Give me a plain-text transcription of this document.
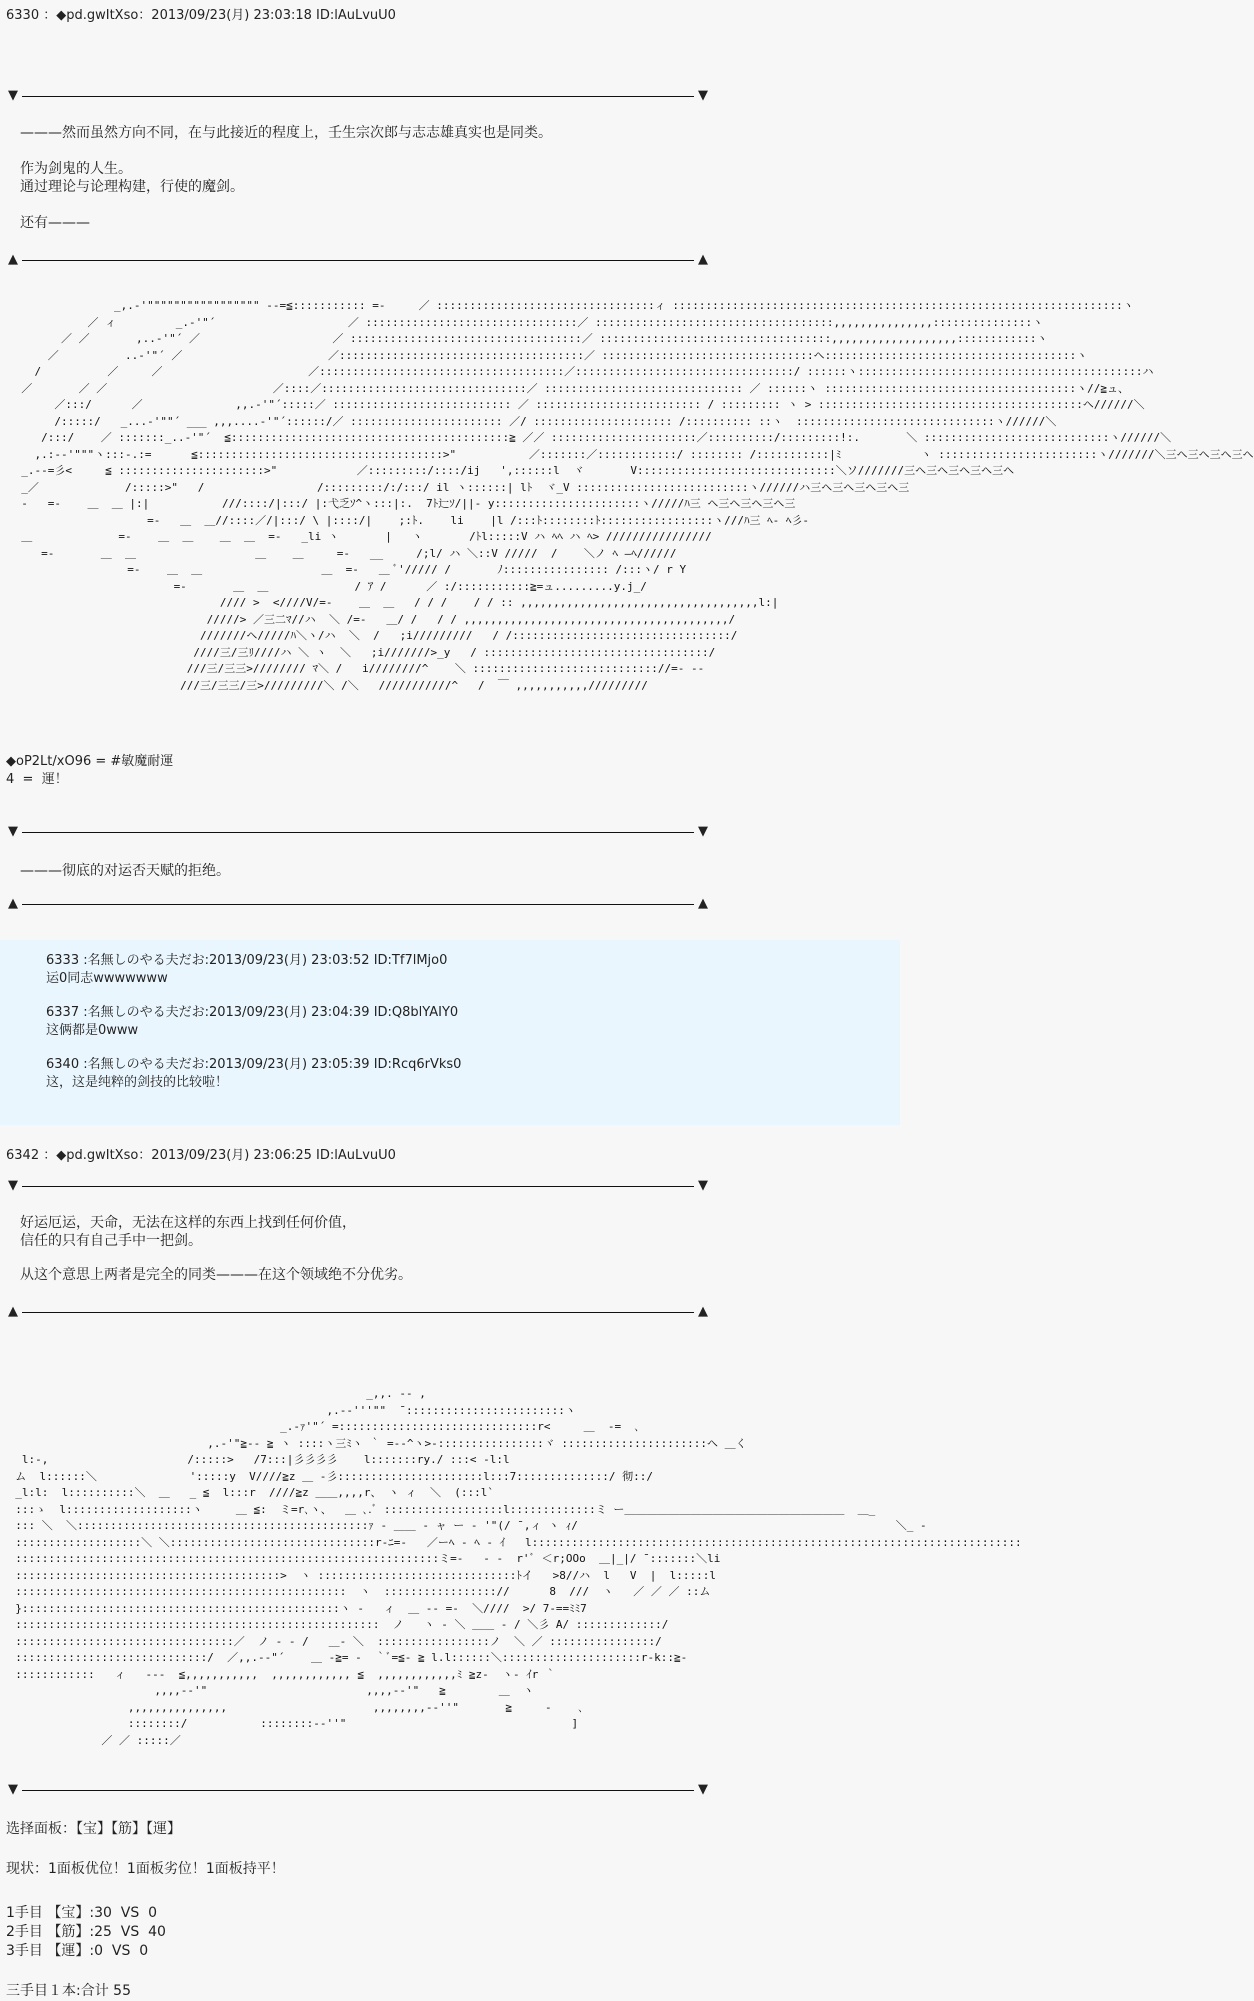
6330 ：◆pd.gwItXso：2013/09/23(月) 23:03:18 ID:lAuLvuU0
▼	▼
———然而虽然方向不同，在与此接近的程度上，壬生宗次郎与志志雄真实也是同类。
作为剑鬼的人生。
通过理论与论理构建，行使的魔剑。
还有———
▲	▲
_,.-'""""""""""""""""" ‐-=≦::::::::::: =-     ／ :::::::::::::::::::::::::::::::::ィ ::::::::::::::::::::::::::::::::::::::::::::::::::::::::::::::::::::ヽ
／ ィ         _.-'"´                    ／ ::::::::::::::::::::::::::::::::／ ::::::::::::::::::::::::::::::::::::,,,,,,,,,,,,,,,:::::::::::::::ヽ
／ ／       ,..-'"´ ／                    ／ :::::::::::::::::::::::::::::::::::／ :::::::::::::::::::::::::::::::::::,,,,,,,,,,,,,,,,,,,::::::::::::ヽ
／          ..-'"´ ／                      ／:::::::::::::::::::::::::::::::::::::／ ::::::::::::::::::::::::::::::::ヘ::::::::::::::::::::::::::::::::::::::ヽ
/          ／     ／                      ／:::::::::::::::::::::::::::::::::::::／:::::::::::::::::::::::::::::::::/ ::::::ヽ:::::::::::::::::::::::::::::::::::::::::::ハ
／       ／ ／                         ／::::／:::::::::::::::::::::::::::::::／ :::::::::::::::::::::::::::::: ／ ::::::ヽ ::::::::::::::::::::::::::::::::::::::ヽ//≧ュ、
／:::/      ／              ,,.-'"´:::::／ ::::::::::::::::::::::::::: ／ ::::::::::::::::::::::::: / ::::::::: ヽ > ::::::::::::::::::::::::::::::::::::::::ヘ//////＼
/:::::/   _...-'""´ ___ ,,,....-'"´::::::/／ ::::::::::::::::::::::: ／/ ::::::::::::::::::::: /:::::::::: ::ヽ  ::::::::::::::::::::::::::::::ヽ//////＼
/:::/    ／ :::::::_..-'"´  ≦::::::::::::::::::::::::::::::::::::::::::≧ ／／ ::::::::::::::::::::::／::::::::::/:::::::::!:.       ＼ ::::::::::::::::::::::::::::ヽ//////＼
,.:-‐'"""ヽ:::-.:=      ≦:::::::::::::::::::::::::::::::::::::>"           ／:::::::／::::::::::::/ :::::::: /:::::::::::|ﾐ            ヽ ::::::::::::::::::::::::ヽ///////＼三ヘ三ヘ三ヘ三ヘ
_.--=彡<     ≦ ::::::::::::::::::::::>"            ／:::::::::/::::/ij   ',::::::l  ヾ       V::::::::::::::::::::::::::::::＼ソ///////三ヘ三ヘ三ヘ三ヘ三ヘ
_／             /:::::>"   /                 /:::::::::/:/:::/ il ヽ::::::| lﾄ  ヾ_V ::::::::::::::::::::::::::ヽ//////ハ三ヘ三ヘ三ヘ三ヘ三
‐   =-    ＿  ＿ |:|           ///::::/|:::/ |:弋乏ｿ^ヽ:::|:.  7ﾄ辷ｿ/||- y::::::::::::::::::::::ヽ/////ﾊ三 ヘ三ヘ三ヘ三ヘ三
=-   ＿  ＿//::::／/|:::/ \ |::::/|    ;:ﾄ.    li    |l /:::ﾄ::::::::ﾄ:::::::::::::::::ヽ///ﾊ三 ﾍ- ﾍ彡-
＿             =-    ＿  ＿    ＿  ＿  =-   _li ヽ       |   ヽ       /ﾄl:::::V ハ ﾍﾍ ハ ﾍ> ////////////////
=-       ＿  ＿                  ＿    ＿     =-   __     /;l/ ハ ＼::V /////  /    ＼ノ ﾍ ―ﾍ//////
=-    ＿  ＿                  ＿  =-   ＿ ﾞ'///// /       ﾉ:::::::::::::::: /:::ヽ/ r Y
=-       ＿  ＿             / ｱ /      ／ :/:::::::::::≧=ュ.........y.j_/
//// >  <////V/=-    ＿  ＿   / / /    / / :: ,,,,,,,,,,,,,,,,,,,,,,,,,,,,,,,,,,,,l:|
/////> ／三二ﾏ//ハ  ＼ /=-   ＿/ /   / / ,,,,,,,,,,,,,,,,,,,,,,,,,,,,,,,,,,,,,,,,/
///////ヘ/////ﾊ＼ヽ/ハ  ＼  /   ;i/////////   / /:::::::::::::::::::::::::::::::::/
////三/三ﾘ////ハ ＼ ヽ  ＼   ;i///////>_y   / ::::::::::::::::::::::::::::::::::/
///三/三三>//////// ﾏ＼ /   i////////^    ＼ :::::::::::::::::::::::::::://=- ‐‐
///三/三三/三>/////////＼ /＼   ///////////^   /  ￣ ,,,,,,,,,,,/////////
◆oP2Lt/xO96 = #敏魔耐運
4  =  運！
▼	▼
———彻底的对运否天赋的拒绝。
▲	▲
6333 :名無しのやる夫だお:2013/09/23(月) 23:03:52 ID:Tf7lMjo0
运0同志wwwwwww
6337 :名無しのやる夫だお:2013/09/23(月) 23:04:39 ID:Q8blYAIY0
这俩都是0www
6340 :名無しのやる夫だお:2013/09/23(月) 23:05:39 ID:Rcq6rVks0
这，这是纯粹的剑技的比较啦！
6342 ：◆pd.gwItXso：2013/09/23(月) 23:06:25 ID:lAuLvuU0
▼	▼
好运厄运，天命，无法在这样的东西上找到任何价值，
信任的只有自己手中一把剑。
从这个意思上两者是完全的同类———在这个领域绝不分优劣。
▲	▲
_,,. -- ,
,.-‐'''""  ̄ ::::::::::::::::::::::::ヽ
_.-ｧ'"´ =::::::::::::::::::::::::::::::r<     ＿  -=  ､
,.-'"≧-- ≧ ヽ ::::ヽ三ﾐヽ ｀ =--^ヽ>-::::::::::::::::ヾ ::::::::::::::::::::::ヘ ＿く
l:-,                     /:::::>   /7:::|彡彡彡彡    l:::::::ry./ :::< ‐l:l
ム  l::::::＼              ':::::y  V////≧z ＿ ‐彡::::::::::::::::::::::l:::7::::::::::::::/ 彻::/
_l:l:  l::::::::::＼  ＿   _ ≦  l:::r  ////≧z ＿＿,,,,r、 ヽ ィ  ＼  (:::l`
:::ゝ  l:::::::::::::::::::ヽ     ＿ ≦:  ミ=r､ヽ、  ＿ ､.ﾞ ::::::::::::::::::l:::::::::::::ミ ー＿＿＿＿＿＿＿＿＿＿＿＿＿＿＿＿＿＿＿＿  ＿_
::: ＼  ＼::::::::::::::::::::::::::::::::::::::::::::ｧ ‐ ＿＿ ‐ ャ ー ‐ '"(/ ̄ ,ィ ヽ ｨ/                                                ＼_ ‐
:::::::::::::::::::＼ ＼:::::::::::::::::::::::::::::::r‐ﾆ=-   ／ーﾍ ‐ ﾍ ‐ ｲ   l::::::::::::::::::::::::::::::::::::::::::::::::::::::::::::::::::::::::::
::::::::::::::::::::::::::::::::::::::::::::::::::::::::::::::::ミ=-   ‐ ‐  r'ﾞ ＜r;OOo  ＿|_|/ ̄ :::::::＼li
::::::::::::::::::::::::::::::::::::::::>  ヽ ::::::::::::::::::::::::::::::ﾄイ   >8//ハ  l   V  |  l:::::l
::::::::::::::::::::::::::::::::::::::::::::::::::  ヽ  ::::::::::::::::://      8  ///  ヽ   ／ ／ ／ ::ム
}::::::::::::::::::::::::::::::::::::::::::::::::ヽ ‐   ィ  ＿ ‐‐ =‐  ＼////  >/ 7‐==ﾐﾐ7
:::::::::::::::::::::::::::::::::::::::::::::::::::::::  ノ   ヽ ‐ ＼ ＿＿ ‐ / ＼彡 A/ :::::::::::::/
:::::::::::::::::::::::::::::::::／  ノ ‐ ‐ /   ＿‐ ＼  :::::::::::::::::ノ  ＼ ／ ::::::::::::::::/
:::::::::::::::::::::::::::::/  ／,,.-‐"´    ＿ ‐≧= ‐  ｀ﾞ=≦‐ ≧ l.l::::::＼:::::::::::::::::::::r‐k::≧-
::::::::::::   ィ   ‐‐‐  ≦,,,,,,,,,,,  ,,,,,,,,,,,, ≦  ,,,,,,,,,,,,ﾐ ≧z-  ヽ‐ ｲr ｀
,,,,-‐'"                        ,,,,-‐'"   ≧        ＿  ヽ
,,,,,,,,,,,,,,,                      ,,,,,,,,-‐''"       ≧     ‐    ､
::::::::/           ::::::::-‐''"                                  ]
／ ／ :::::／
▼	▼
选择面板：【宝】【筋】【運】
现状：1面板优位！1面板劣位！1面板持平！
1手目 【宝】:30  VS  0
2手目 【筋】:25  VS  40
3手目 【運】:0  VS  0
三手目１本:合计 55
